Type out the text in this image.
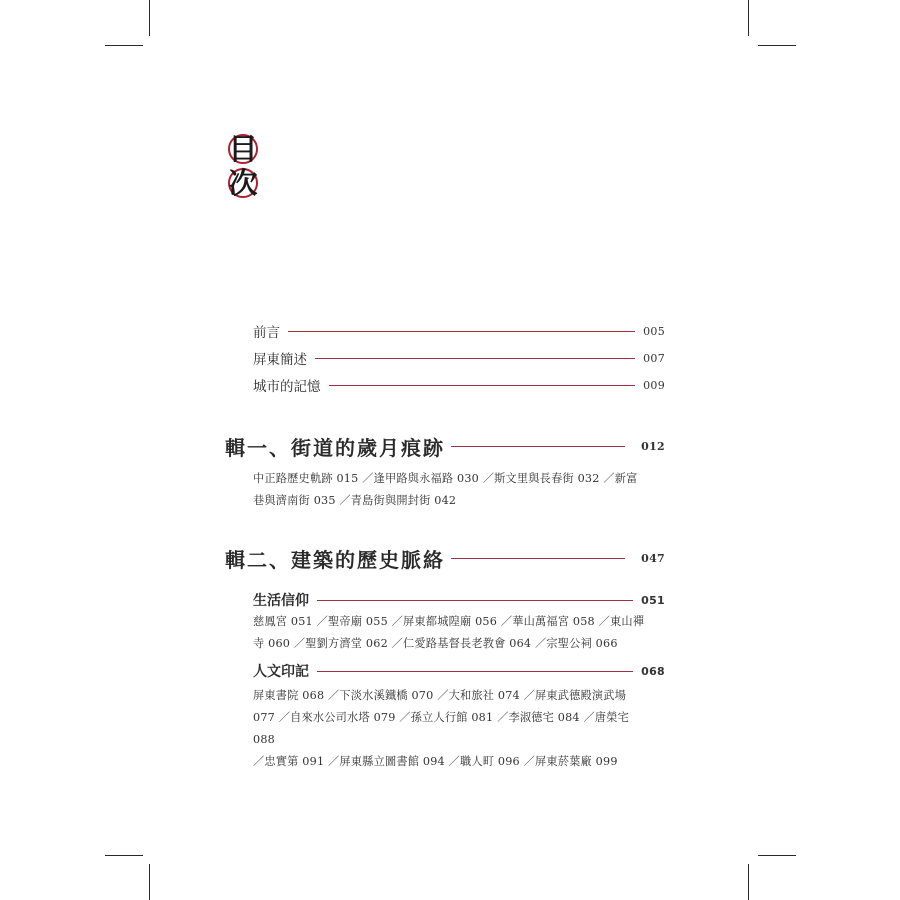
目
次
前言	005
屏東簡述	007
城市的記憶	009
輯一、街道的歲月痕跡	012
中正路歷史軌跡 015 ／逢甲路與永福路 030 ／斯文里與長春街 032 ／新富
巷與濟南街 035 ／青島街與開封街 042
輯二、建築的歷史脈絡	047
生活信仰	051
慈鳳宮 051 ／聖帝廟 055 ／屏東都城隍廟 056 ／華山萬福宮 058 ／東山禪
寺 060 ／聖劉方濟堂 062 ／仁愛路基督長老教會 064 ／宗聖公祠 066
人文印記	068
屏東書院 068 ／下淡水溪鐵橋 070 ／大和旅社 074 ／屏東武德殿演武場
077 ／自來水公司水塔 079 ／孫立人行館 081 ／李淑德宅 084 ／唐榮宅 088
／忠實第 091 ／屏東縣立圖書館 094 ／職人町 096 ／屏東菸葉廠 099
